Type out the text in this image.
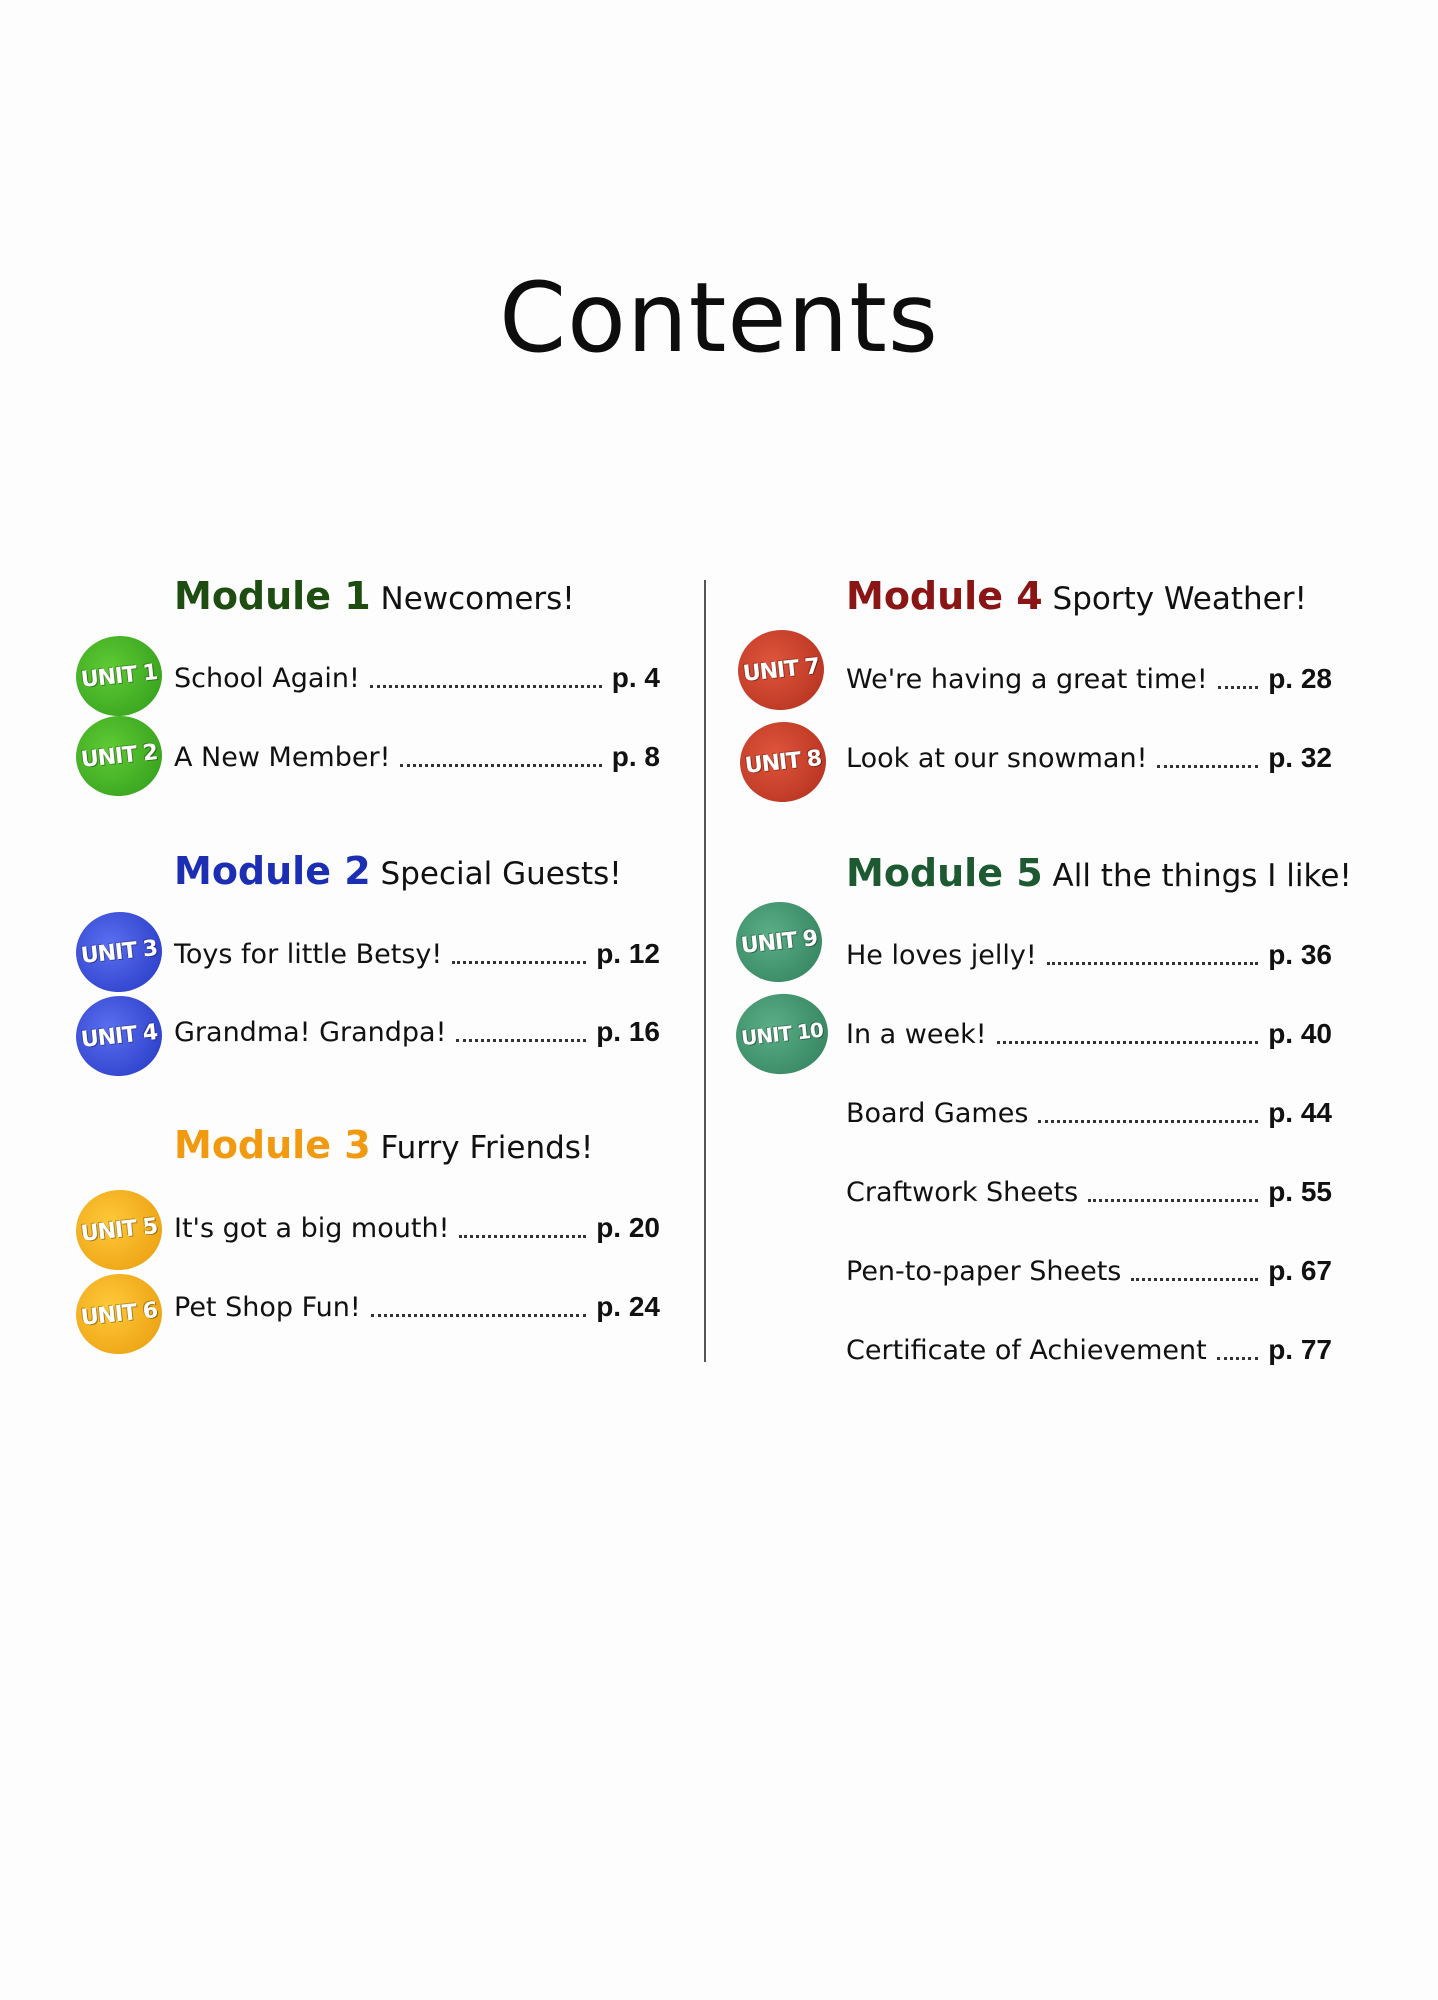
Contents
Module 1 Newcomers!
UNIT 1 School Again!	p. 4
UNIT 2 A New Member!	p. 8
Module 2 Special Guests!
UNIT 3 Toys for little Betsy!	p. 12
UNIT 4 Grandma! Grandpa!	p. 16
Module 3 Furry Friends!
UNIT 5 It's got a big mouth!	p. 20
UNIT 6 Pet Shop Fun!	p. 24
Module 4 Sporty Weather!
UNIT 7 We're having a great time! p. 28
UNIT 8 Look at our snowman!	p. 32
Module 5 All the things I like!
UNIT 9 He loves jelly!	p. 36
UNIT 10 In a week!	p. 40
Board Games	p. 44
Craftwork Sheets	p. 55
Pen-to-paper Sheets	p. 67
Certificate of Achievement p. 77
